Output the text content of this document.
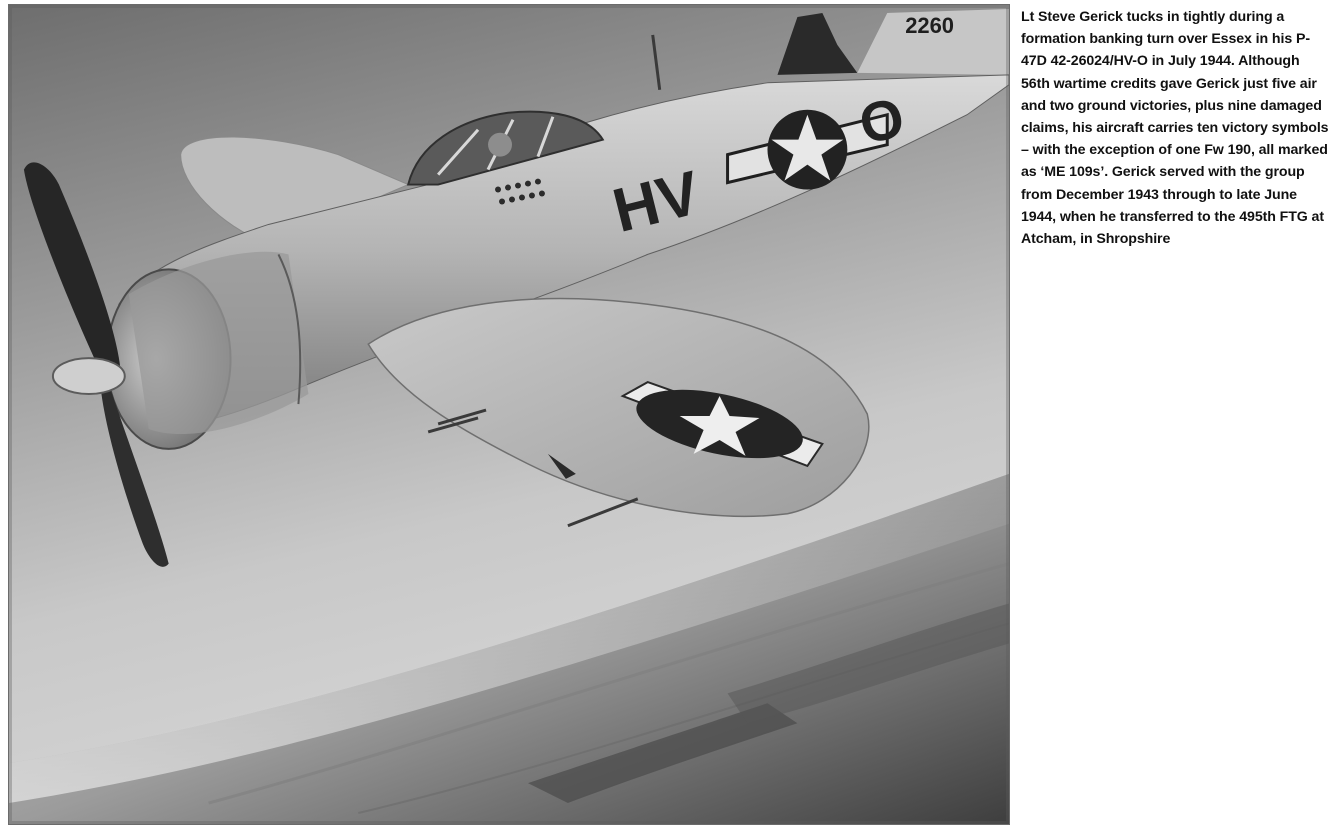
HV
O
2260	Lt Steve Gerick tucks in tightly during a formation banking turn over Essex in his P-47D 42-26024/HV-O in July 1944. Although 56th wartime credits gave Gerick just five air and two ground victories, plus nine damaged claims, his aircraft carries ten victory symbols – with the exception of one Fw 190, all marked as ‘ME 109s’. Gerick served with the group from December 1943 through to late June 1944, when he transferred to the 495th FTG at Atcham, in Shropshire
